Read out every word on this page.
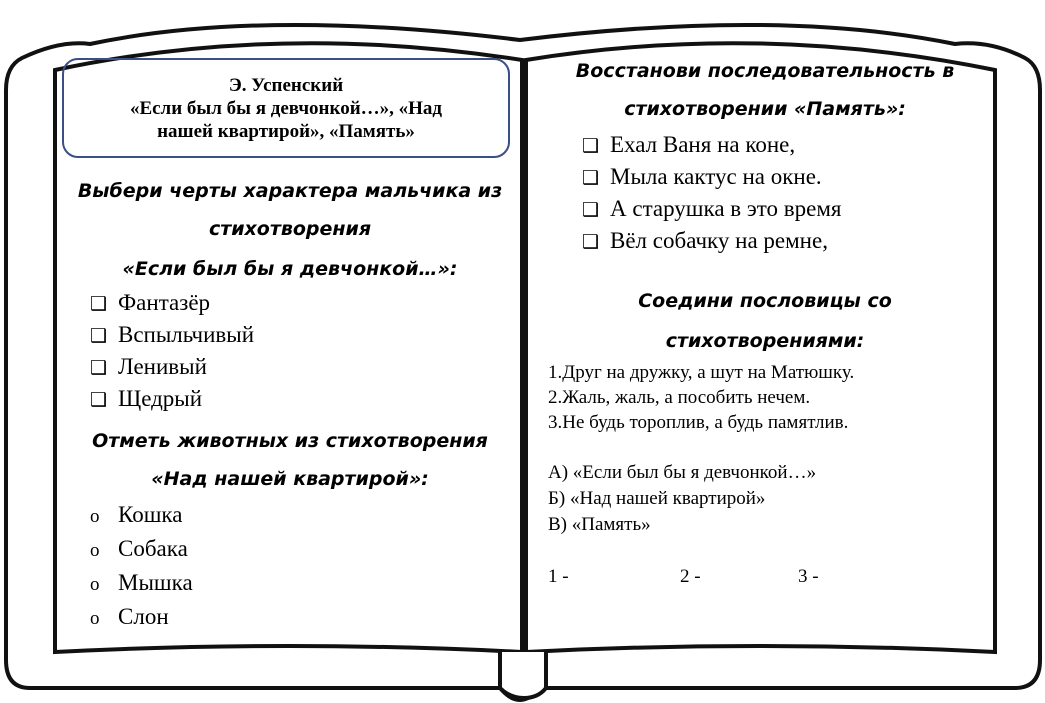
Э. Успенский
«Если был бы я девчонкой…», «Над
нашей квартирой», «Память»
Выбери черты характера мальчика из
стихотворения
«Если был бы я девчонкой…»:
❑ Фантазёр
❑ Вспыльчивый
❑ Ленивый
❑ Щедрый
Отметь животных из стихотворения
«Над нашей квартирой»:
o Кошка
o Собака
o Мышка
o Слон
Восстанови последовательность в
стихотворении «Память»:
❑ Ехал Ваня на коне,
❑ Мыла кактус на окне.
❑ А старушка в это время
❑ Вёл собачку на ремне,
Соедини пословицы со
стихотворениями:
1.Друг на дружку, а шут на Матюшку.
2.Жаль, жаль, а пособить нечем.
3.Не будь тороплив, а будь памятлив.
А) «Если был бы я девчонкой…»
Б) «Над нашей квартирой»
В) «Память»
1 -	2 -	3 -
